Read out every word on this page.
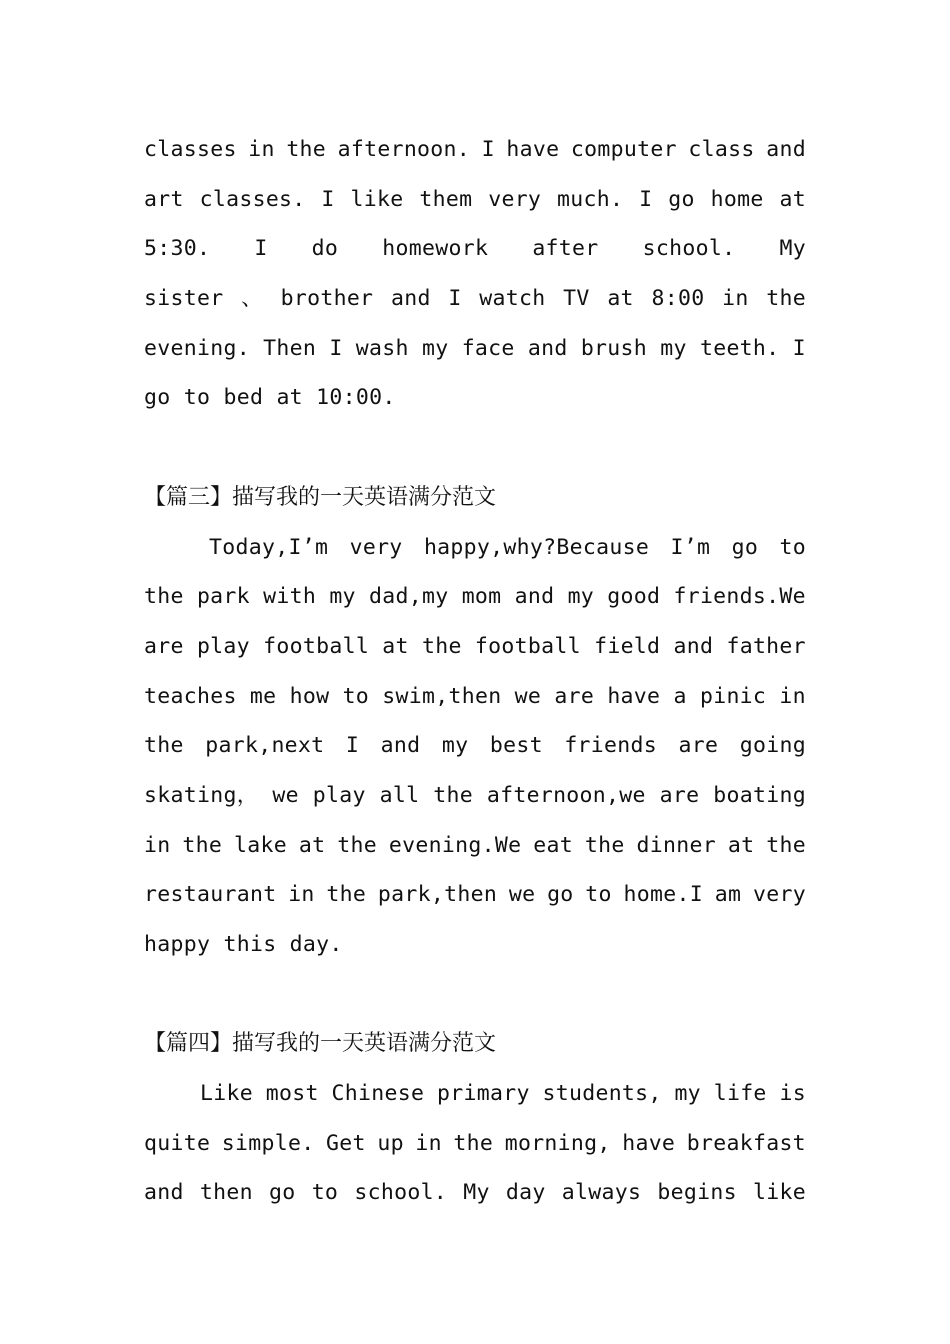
classes in the afternoon. I have computer class and
art classes. I like them very much. I go home at
5:30. I do homework after school. My
sister 、 brother and I watch TV at 8:00 in the
evening. Then I wash my face and brush my teeth. I
go to bed at 10:00.
【篇三】描写我的一天英语满分范文
Today,I’m very happy,why?Because I’m go to
the park with my dad,my mom and my good friends.We
are play football at the football field and father
teaches me how to swim,then we are have a pinic in
the park,next I and my best friends are going
skating， we play all the afternoon,we are boating
in the lake at the evening.We eat the dinner at the
restaurant in the park,then we go to home.I am very
happy this day.
【篇四】描写我的一天英语满分范文
Like most Chinese primary students, my life is
quite simple. Get up in the morning, have breakfast
and then go to school. My day always begins like
